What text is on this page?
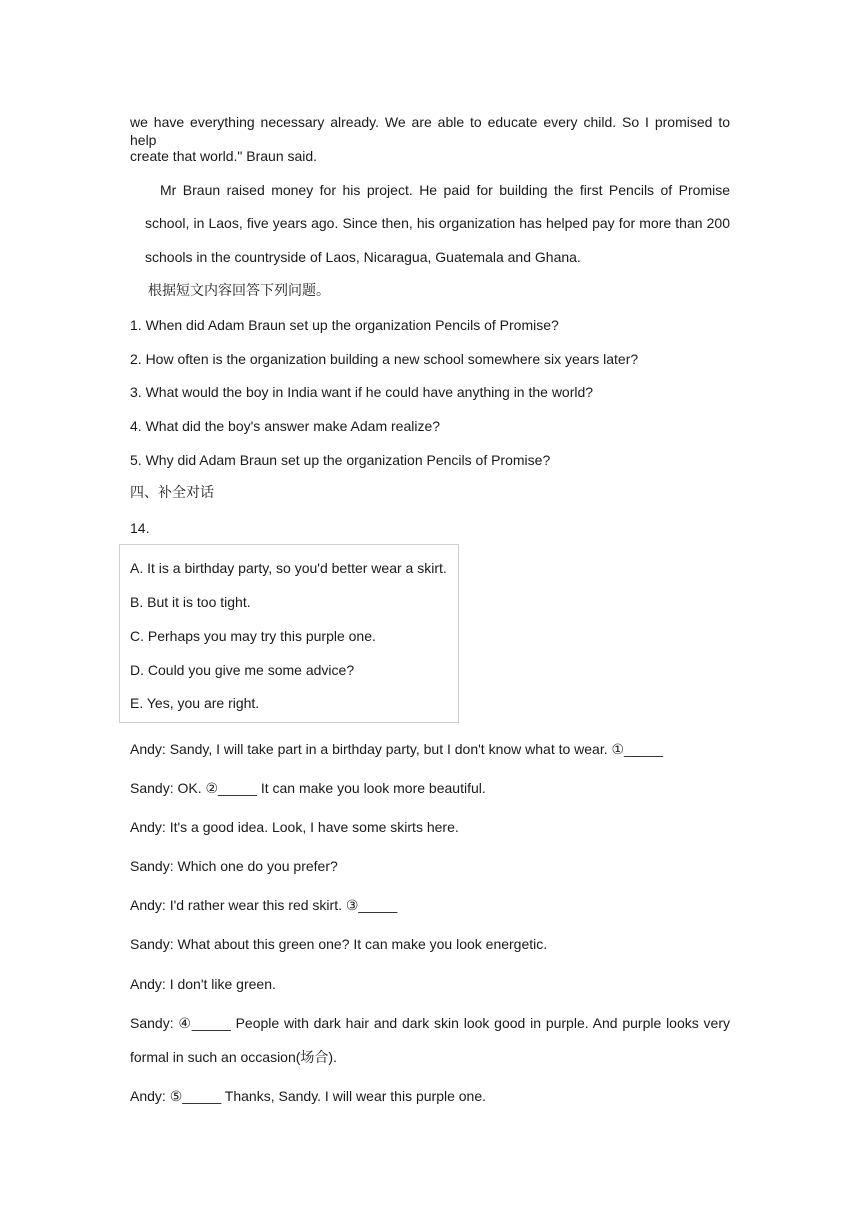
we have everything necessary already. We are able to educate every child. So I promised to help
create that world." Braun said.
Mr Braun raised money for his project. He paid for building the first Pencils of Promise
school, in Laos, five years ago. Since then, his organization has helped pay for more than 200
schools in the countryside of Laos, Nicaragua, Guatemala and Ghana.
根据短文内容回答下列问题。
1. When did Adam Braun set up the organization Pencils of Promise?
2. How often is the organization building a new school somewhere six years later?
3. What would the boy in India want if he could have anything in the world?
4. What did the boy's answer make Adam realize?
5. Why did Adam Braun set up the organization Pencils of Promise?
四、补全对话
14.
A. It is a birthday party, so you'd better wear a skirt.
B. But it is too tight.
C. Perhaps you may try this purple one.
D. Could you give me some advice?
E. Yes, you are right.
Andy: Sandy, I will take part in a birthday party, but I don't know what to wear. ①_____
Sandy: OK. ②_____ It can make you look more beautiful.
Andy: It's a good idea. Look, I have some skirts here.
Sandy: Which one do you prefer?
Andy: I'd rather wear this red skirt. ③_____
Sandy: What about this green one? It can make you look energetic.
Andy: I don't like green.
Sandy: ④_____ People with dark hair and dark skin look good in purple. And purple looks very
formal in such an occasion(场合).
Andy: ⑤_____ Thanks, Sandy. I will wear this purple one.
